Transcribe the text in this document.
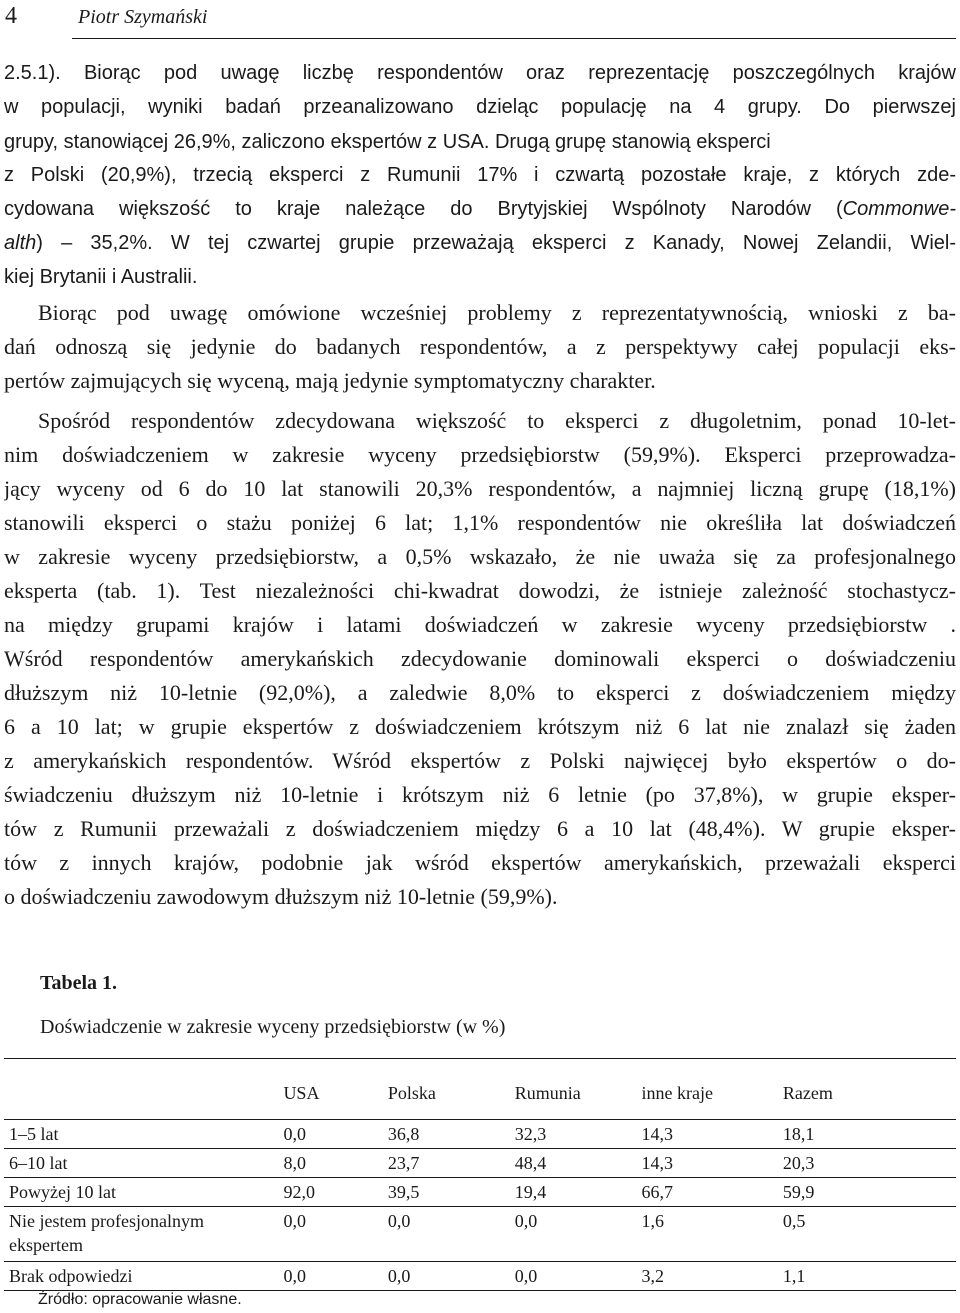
4	Piotr Szymański
2.5.1). Biorąc pod uwagę liczbę respondentów oraz reprezentację poszczególnych krajów
w populacji, wyniki badań przeanalizowano dzieląc populację na 4 grupy. Do pierwszej
grupy, stanowiącej 26,9%, zaliczono ekspertów z USA. Drugą grupę stanowią eksperci
z Polski (20,9%), trzecią eksperci z Rumunii 17% i czwartą pozostałe kraje, z których zde-
cydowana większość to kraje należące do Brytyjskiej Wspólnoty Narodów (Commonwe-
alth) – 35,2%. W tej czwartej grupie przeważają eksperci z Kanady, Nowej Zelandii, Wiel-
kiej Brytanii i Australii.
Biorąc pod uwagę omówione wcześniej problemy z reprezentatywnością, wnioski z ba-
dań odnoszą się jedynie do badanych respondentów, a z perspektywy całej populacji eks-
pertów zajmujących się wyceną, mają jedynie symptomatyczny charakter.
Spośród respondentów zdecydowana większość to eksperci z długoletnim, ponad 10-let-
nim doświadczeniem w zakresie wyceny przedsiębiorstw (59,9%). Eksperci przeprowadza-
jący wyceny od 6 do 10 lat stanowili 20,3% respondentów, a najmniej liczną grupę (18,1%)
stanowili eksperci o stażu poniżej 6 lat; 1,1% respondentów nie określiła lat doświadczeń
w zakresie wyceny przedsiębiorstw, a 0,5% wskazało, że nie uważa się za profesjonalnego
eksperta (tab. 1). Test niezależności chi-kwadrat dowodzi, że istnieje zależność stochastycz-
na między grupami krajów i latami doświadczeń w zakresie wyceny przedsiębiorstw .
Wśród respondentów amerykańskich zdecydowanie dominowali eksperci o doświadczeniu
dłuższym niż 10-letnie (92,0%), a zaledwie 8,0% to eksperci z doświadczeniem między
6 a 10 lat; w grupie ekspertów z doświadczeniem krótszym niż 6 lat nie znalazł się żaden
z amerykańskich respondentów. Wśród ekspertów z Polski najwięcej było ekspertów o do-
świadczeniu dłuższym niż 10-letnie i krótszym niż 6 letnie (po 37,8%), w grupie eksper-
tów z Rumunii przeważali z doświadczeniem między 6 a 10 lat (48,4%). W grupie eksper-
tów z innych krajów, podobnie jak wśród ekspertów amerykańskich, przeważali eksperci
o doświadczeniu zawodowym dłuższym niż 10-letnie (59,9%).
Tabela 1.
Doświadczenie w zakresie wyceny przedsiębiorstw (w %)
	USA	Polska	Rumunia	inne kraje	Razem
1–5 lat	0,0	36,8	32,3	14,3	18,1
6–10 lat	8,0	23,7	48,4	14,3	20,3
Powyżej 10 lat	92,0	39,5	19,4	66,7	59,9
Nie jestem profesjonalnym ekspertem	0,0	0,0	0,0	1,6	0,5
Brak odpowiedzi	0,0	0,0	0,0	3,2	1,1
Źródło: opracowanie własne.
